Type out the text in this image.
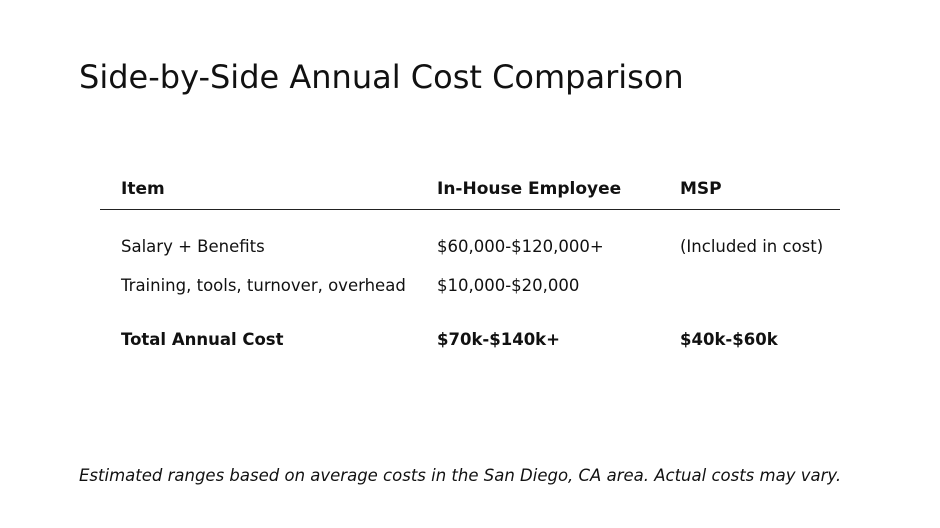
Side-by-Side Annual Cost Comparison
Item	In-House Employee	MSP
Salary + Benefits	$60,000-$120,000+	(Included in cost)
Training, tools, turnover, overhead $10,000-$20,000
Total Annual Cost	$70k-$140k+	$40k-$60k

Estimated ranges based on average costs in the San Diego, CA area. Actual costs may vary.
